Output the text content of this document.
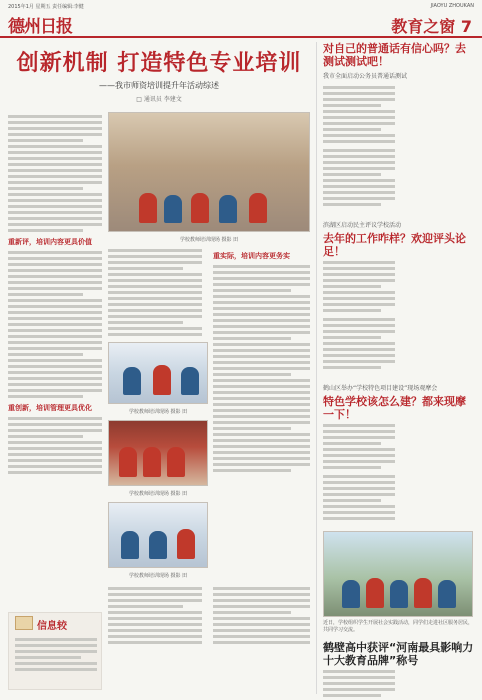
2015年1月 星期五 责任编辑:李健	JIAOYU ZHOUKAN
德州日报	教育之窗 7
创新机制 打造特色专业培训
——我市师资培训提升年活动综述
□ 通讯员 李建文
重新评，培训内容更具价值
重创新，培训管理更具优化
学校教师培训现场 摄影 田
重实际，培训内容更务实
学校教师培训现场 摄影 田
学校教师培训现场 摄影 田
学校教师培训现场 摄影 田
信息较
对自己的普通话有信心吗？去测试测试吧！
我市全面启动公务员普通话测试
滨湖区启动民主评议学校活动
去年的工作咋样？欢迎评头论足！
鹤山区举办“学校特色项目建设”现场观摩会
特色学校该怎么建？都来现摩一下！
近日，学校组织学生开展社会实践活动，同学们走进社区服务居民，共同学习交流。
鹤壁高中获评“河南最具影响力十大教育品牌”称号
